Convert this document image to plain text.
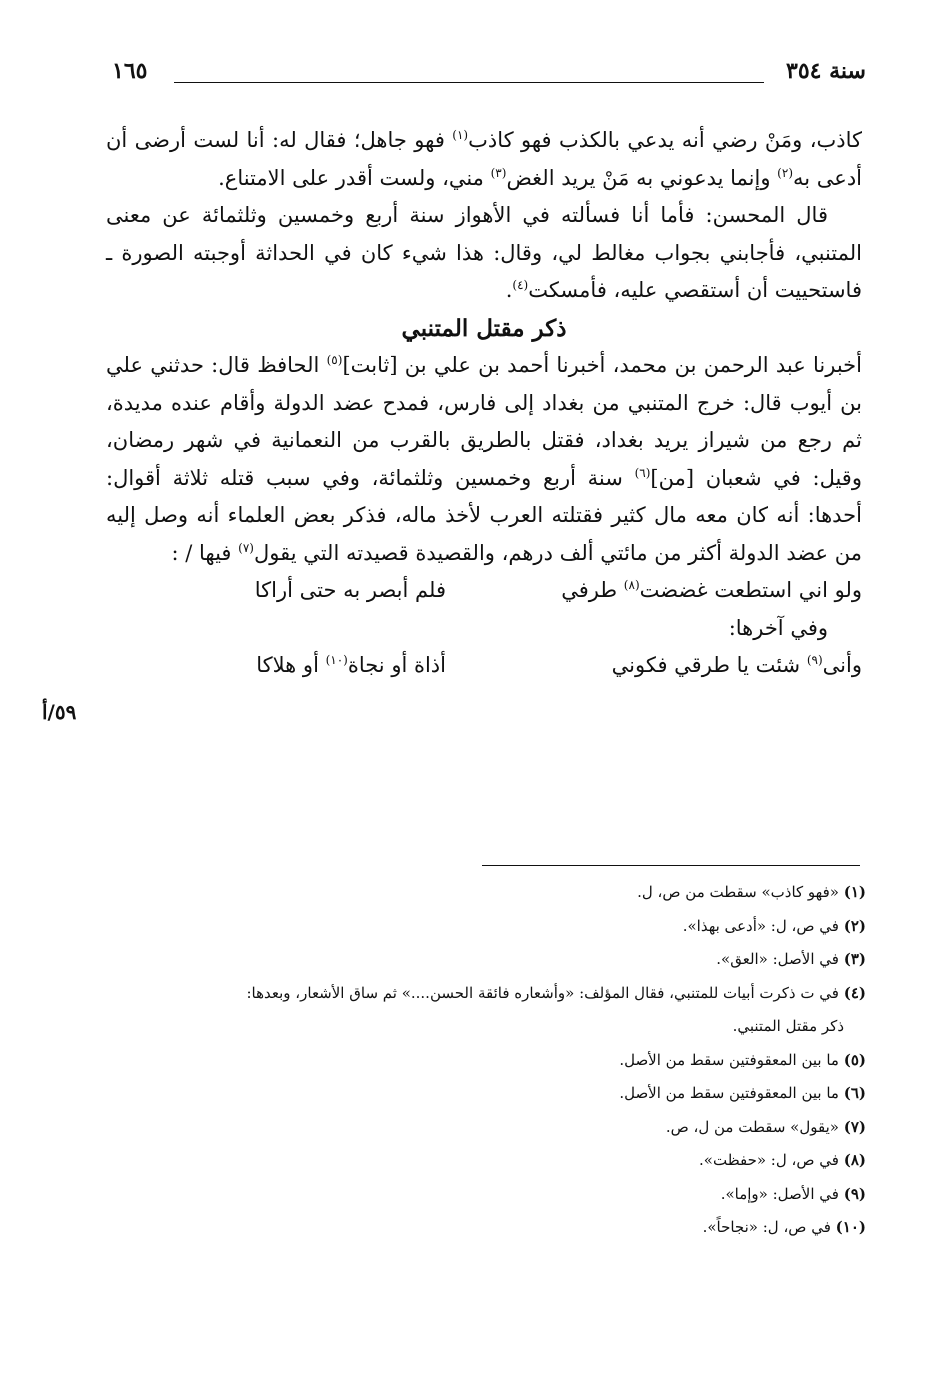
سنة ٣٥٤
١٦٥

كاذب، ومَنْ رضي أنه يدعي بالكذب فهو كاذب$^{(١)}$ فهو جاهل؛ فقال له: أنا لست أرضى أن أدعى به$^{(٢)}$ وإنما يدعوني به مَنْ يريد الغض$^{(٣)}$ مني، ولست أقدر على الامتناع.

قال المحسن: فأما أنا فسألته في الأهواز سنة أربع وخمسين وثلثمائة عن معنى المتنبي، فأجابني بجواب مغالط لي، وقال: هذا شيء كان في الحداثة أوجبته الصورة ـ فاستحييت أن أستقصي عليه، فأمسكت$^{(٤)}$.

ذكر مقتل المتنبي

أخبرنا عبد الرحمن بن محمد، أخبرنا أحمد بن علي بن [ثابت]$^{(٥)}$ الحافظ قال: حدثني علي بن أيوب قال: خرج المتنبي من بغداد إلى فارس، فمدح عضد الدولة وأقام عنده مديدة، ثم رجع من شيراز يريد بغداد، فقتل بالطريق بالقرب من النعمانية في شهر رمضان، وقيل: في شعبان [من]$^{(٦)}$ سنة أربع وخمسين وثلثمائة، وفي سبب قتله ثلاثة أقوال: أحدها: أنه كان معه مال كثير فقتلته العرب لأخذ ماله، فذكر بعض العلماء أنه وصل إليه من عضد الدولة أكثر من مائتي ألف درهم، والقصيدة قصيدته التي يقول$^{(٧)}$ فيها / :

ولو اني استطعت غضضت$^{(٨)}$ طرفي
فلم أبصر به حتى أراكا
وفي آخرها:
وأنى$^{(٩)}$ شئت يا طرقي فكوني
أذاة أو نجاة$^{(١٠)}$ أو هلاكا
٥٩/أ
(١) «فهو كاذب» سقطت من ص، ل.
(٢) في ص، ل: «أدعى بهذا».
(٣) في الأصل: «العق».
(٤) في ت ذكرت أبيات للمتنبي، فقال المؤلف: «وأشعاره فائقة الحسن....» ثم ساق الأشعار، وبعدها:
ذكر مقتل المتنبي.
(٥) ما بين المعقوفتين سقط من الأصل.
(٦) ما بين المعقوفتين سقط من الأصل.
(٧) «يقول» سقطت من ل، ص.
(٨) في ص، ل: «حفظت».
(٩) في الأصل: «وإما».
(١٠) في ص، ل: «نجاحاً».
